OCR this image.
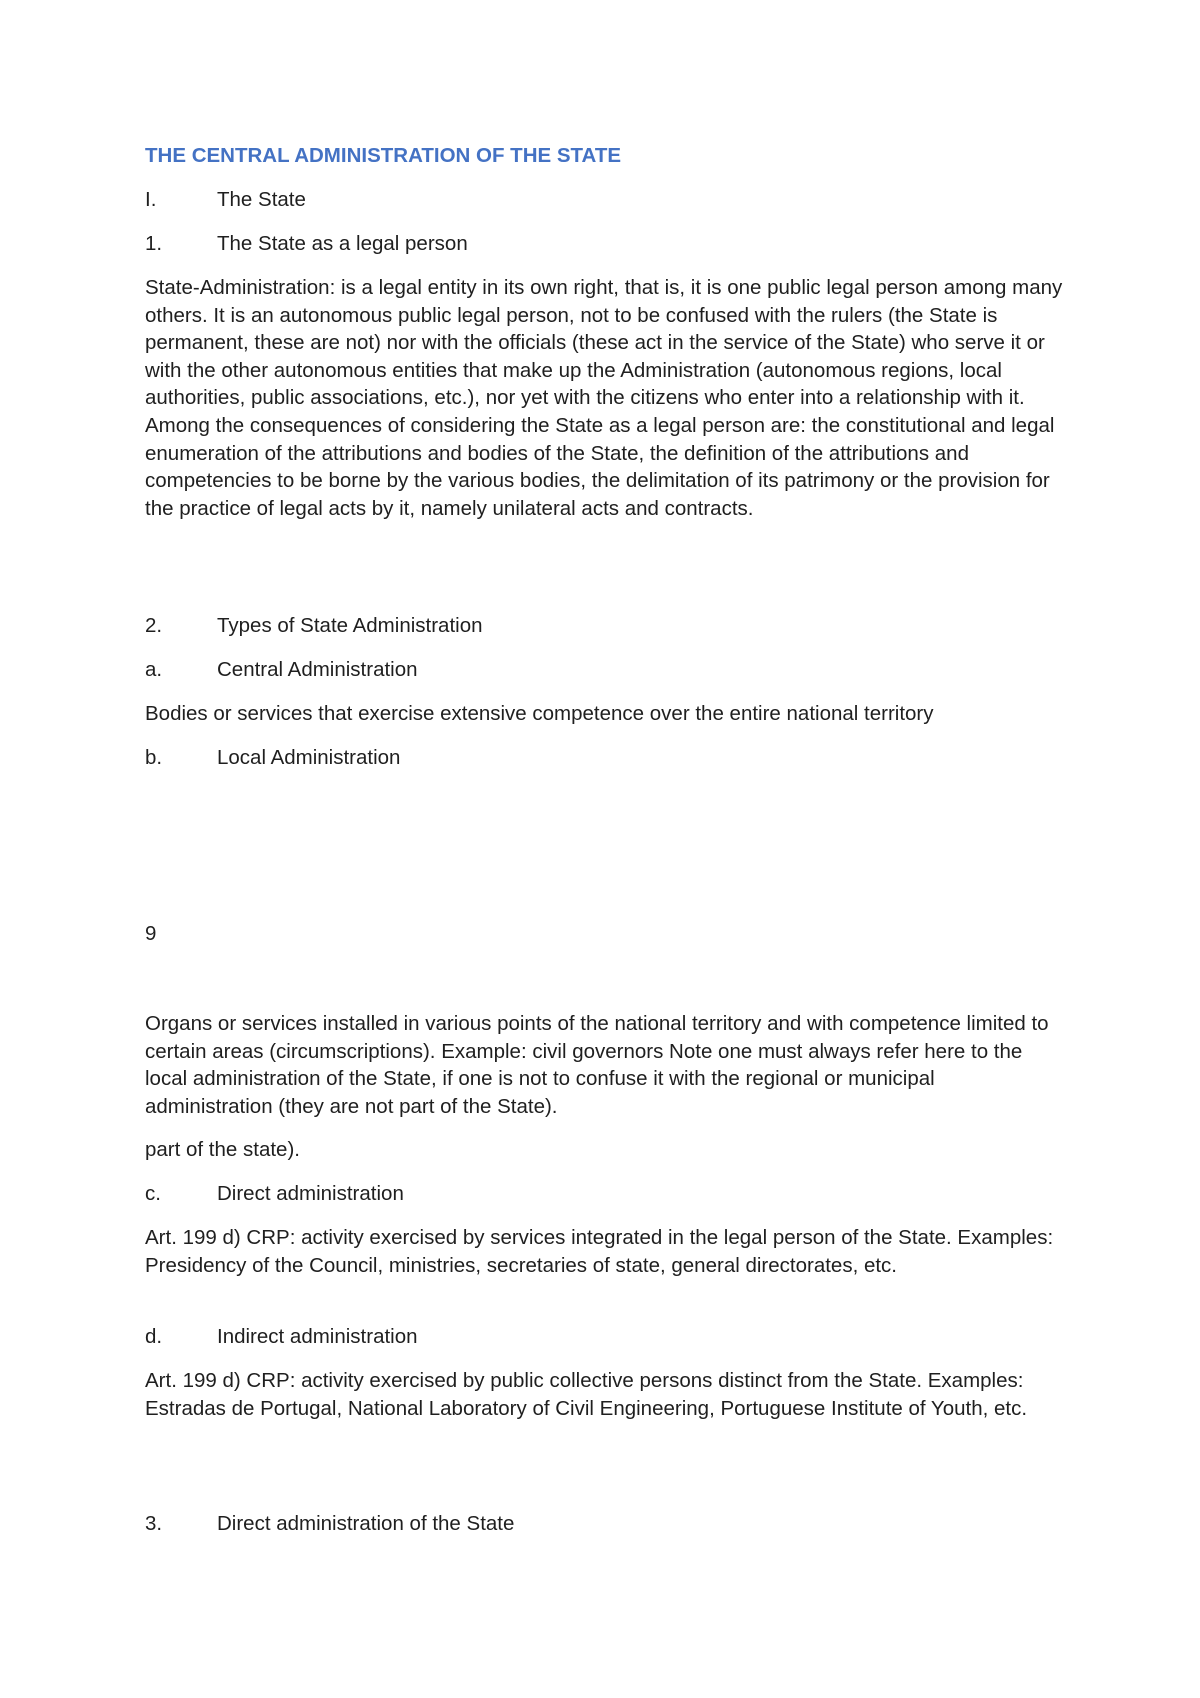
THE CENTRAL ADMINISTRATION OF THE STATE

I.	The State

1.	The State as a legal person

State-Administration: is a legal entity in its own right, that is, it is one public legal person among many others. It is an autonomous public legal person, not to be confused with the rulers (the State is permanent, these are not) nor with the officials (these act in the service of the State) who serve it or with the other autonomous entities that make up the Administration (autonomous regions, local authorities, public associations, etc.), nor yet with the citizens who enter into a relationship with it. Among the consequences of considering the State as a legal person are: the constitutional and legal enumeration of the attributions and bodies of the State, the definition of the attributions and competencies to be borne by the various bodies, the delimitation of its patrimony or the provision for the practice of legal acts by it, namely unilateral acts and contracts.

2.	Types of State Administration

a.	Central Administration

Bodies or services that exercise extensive competence over the entire national territory

b.	Local Administration

9

Organs or services installed in various points of the national territory and with competence limited to certain areas (circumscriptions). Example: civil governors Note one must always refer here to the local administration of the State, if one is not to confuse it with the regional or municipal administration (they are not part of the State).

part of the state).

c.	Direct administration

Art. 199 d) CRP: activity exercised by services integrated in the legal person of the State. Examples: Presidency of the Council, ministries, secretaries of state, general directorates, etc.

d.	Indirect administration

Art. 199 d) CRP: activity exercised by public collective persons distinct from the State. Examples: Estradas de Portugal, National Laboratory of Civil Engineering, Portuguese Institute of Youth, etc.

3.	Direct administration of the State
